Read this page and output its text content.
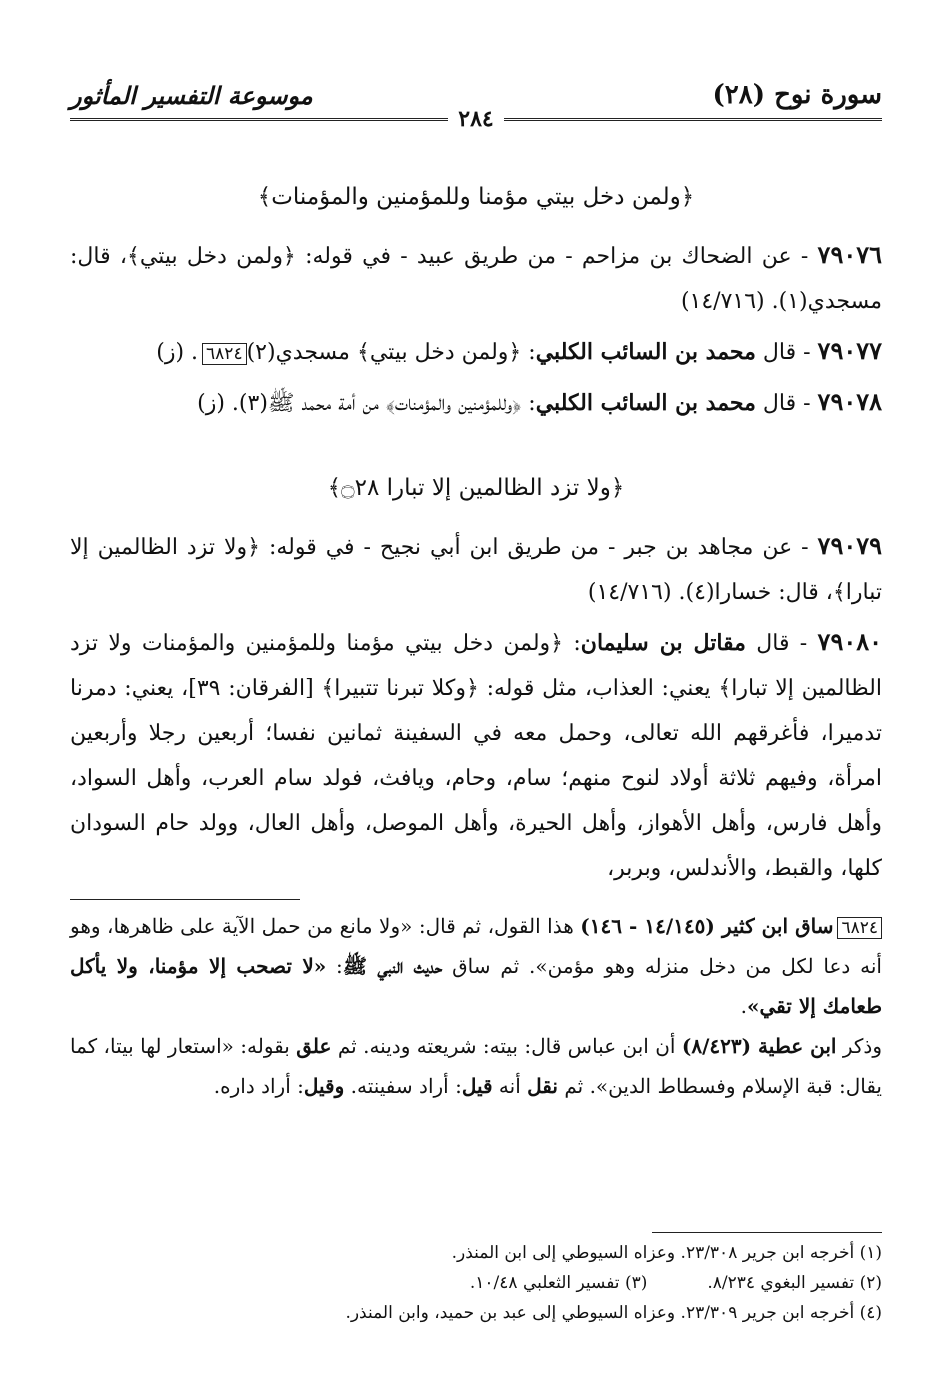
سورة نوح (٢٨)
موسوعة التفسير المأثور
٢٨٤

﴿ولمن دخل بيتي مؤمنا وللمؤمنين والمؤمنات﴾

٧٩٠٧٦ - عن الضحاك بن مزاحم - من طريق عبيد - في قوله: ﴿ولمن دخل بيتي﴾، قال: مسجدي(١). (١٤/٧١٦)

٧٩٠٧٧ - قال محمد بن السائب الكلبي: ﴿ولمن دخل بيتي﴾ مسجدي(٢)٦٨٢٤. (ز)

٧٩٠٧٨ - قال محمد بن السائب الكلبي: ﴿وللمؤمنين والمؤمنات﴾ من أمة محمد ﷺ(٣). (ز)

﴿ولا تزد الظالمين إلا تبارا ۝٢٨﴾

٧٩٠٧٩ - عن مجاهد بن جبر - من طريق ابن أبي نجيح - في قوله: ﴿ولا تزد الظالمين إلا تبارا﴾، قال: خسارا(٤). (١٤/٧١٦)

٧٩٠٨٠ - قال مقاتل بن سليمان: ﴿ولمن دخل بيتي مؤمنا وللمؤمنين والمؤمنات ولا تزد الظالمين إلا تبارا﴾ يعني: العذاب، مثل قوله: ﴿وكلا تبرنا تتبيرا﴾ [الفرقان: ٣٩]، يعني: دمرنا تدميرا، فأغرقهم الله تعالى، وحمل معه في السفينة ثمانين نفسا؛ أربعين رجلا وأربعين امرأة، وفيهم ثلاثة أولاد لنوح منهم؛ سام، وحام، ويافث، فولد سام العرب، وأهل السواد، وأهل فارس، وأهل الأهواز، وأهل الحيرة، وأهل الموصل، وأهل العال، وولد حام السودان كلها، والقبط، والأندلس، وبربر،

٦٨٢٤ساق ابن كثير (١٤/١٤٥ - ١٤٦) هذا القول، ثم قال: «ولا مانع من حمل الآية على ظاهرها، وهو أنه دعا لكل من دخل منزله وهو مؤمن». ثم ساق حديث النبي ﷺ: «لا تصحب إلا مؤمنا، ولا يأكل طعامك إلا تقي».

وذكر ابن عطية (٨/٤٢٣) أن ابن عباس قال: بيته: شريعته ودينه. ثم علق بقوله: «استعار لها بيتا، كما يقال: قبة الإسلام وفسطاط الدين». ثم نقل أنه قيل: أراد سفينته. وقيل: أراد داره.

(١) أخرجه ابن جرير ٢٣/٣٠٨. وعزاه السيوطي إلى ابن المنذر.

(٢) تفسير البغوي ٨/٢٣٤.

(٣) تفسير الثعلبي ١٠/٤٨.

(٤) أخرجه ابن جرير ٢٣/٣٠٩. وعزاه السيوطي إلى عبد بن حميد، وابن المنذر.
